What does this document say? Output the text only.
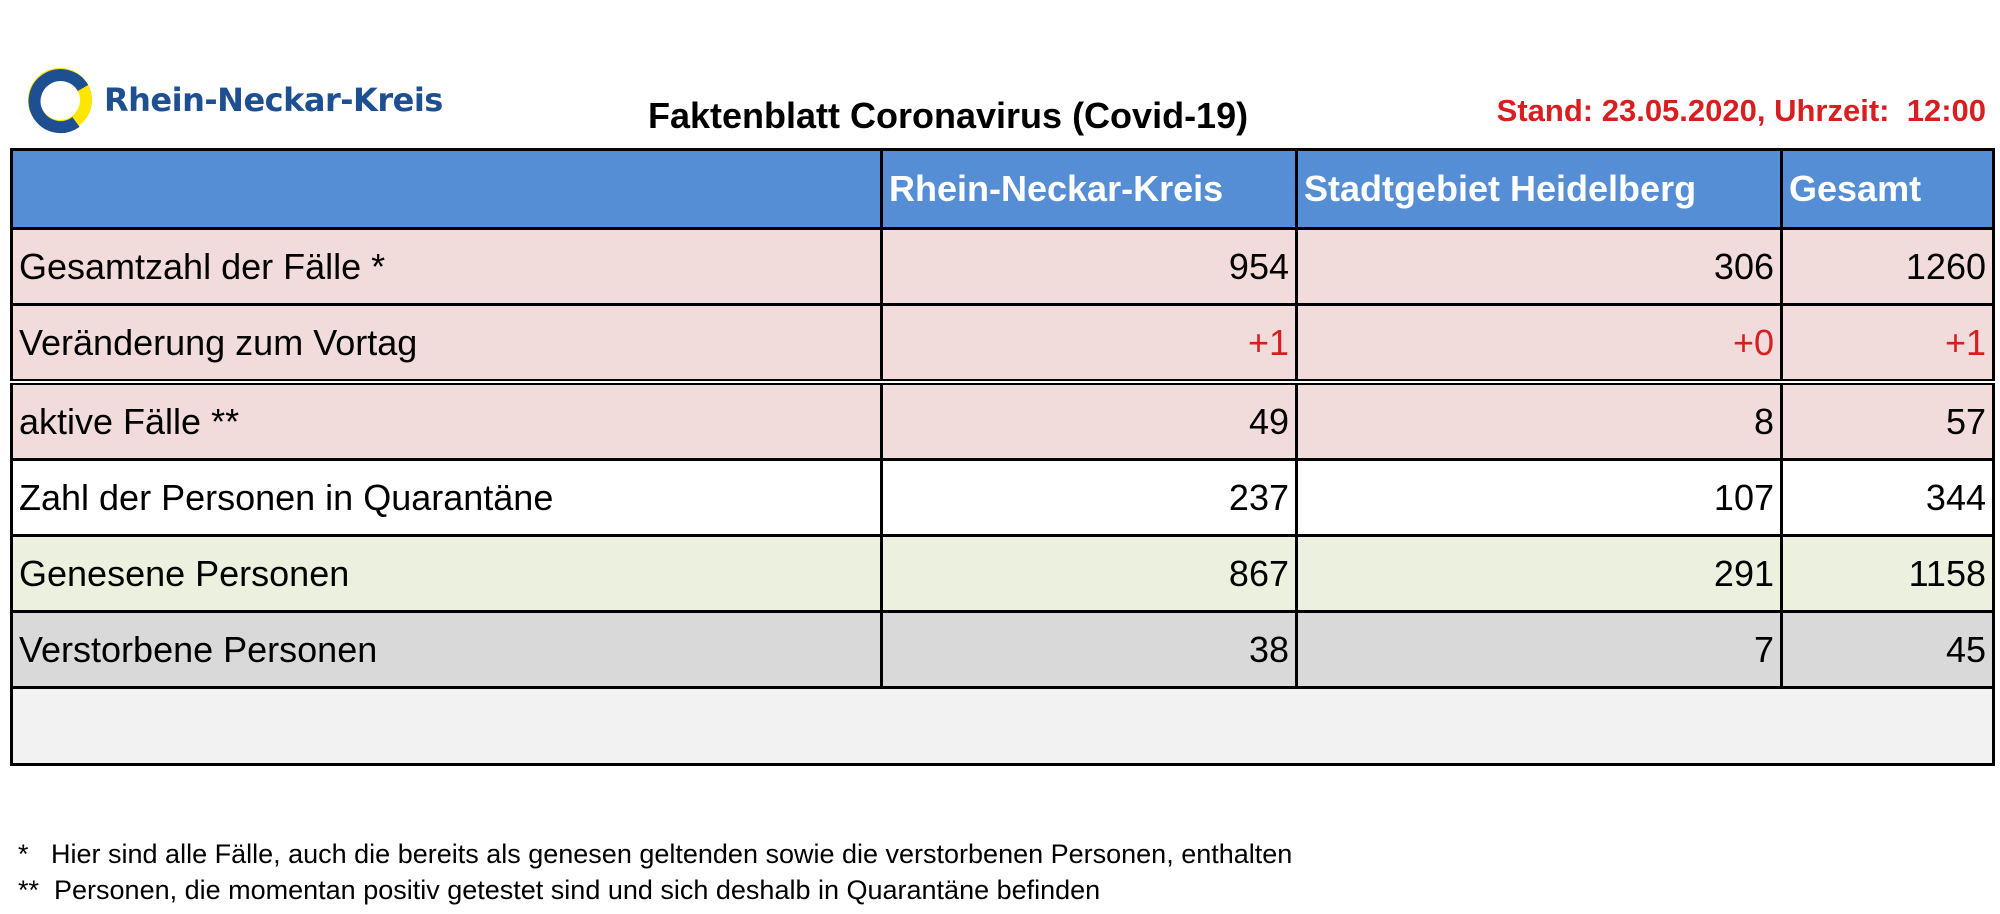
Rhein-Neckar-Kreis	Faktenblatt Coronavirus (Covid-19)	Stand: 23.05.2020, Uhrzeit:  12:00
	Rhein-Neckar-Kreis	Stadtgebiet Heidelberg	Gesamt
Gesamtzahl der Fälle *	954	306	1260
Veränderung zum Vortag	+1	+0	+1
aktive Fälle **	49	8	57
Zahl der Personen in Quarantäne	237	107	344
Genesene Personen	867	291	1158
Verstorbene Personen	38	7	45

*   Hier sind alle Fälle, auch die bereits als genesen geltenden sowie die verstorbenen Personen, enthalten
**  Personen, die momentan positiv getestet sind und sich deshalb in Quarantäne befinden
